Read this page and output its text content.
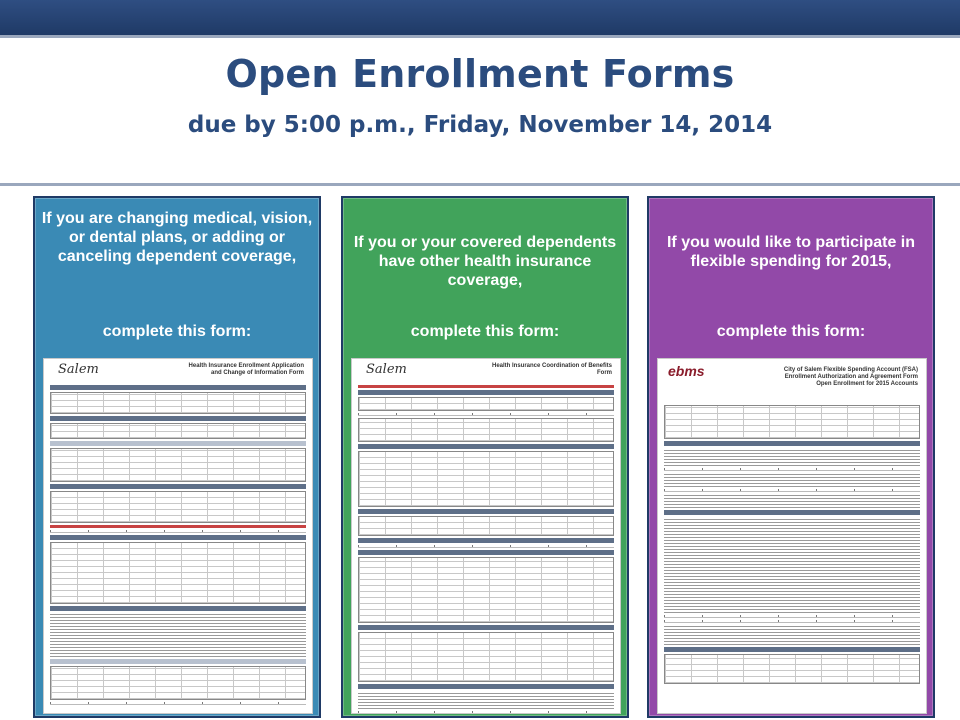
Open Enrollment Forms
due by 5:00 p.m., Friday, November 14, 2014
If you are changing medical, vision, or dental plans, or adding or canceling dependent coverage,
complete this form:
Salem	Health Insurance Enrollment Application and Change of Information Form
If you or your covered dependents have other health insurance coverage,
complete this form:
Salem	Health Insurance Coordination of Benefits Form
If you would like to participate in flexible spending for 2015,
complete this form:
ebms	City of Salem Flexible Spending Account (FSA) Enrollment Authorization and Agreement Form Open Enrollment for 2015 Accounts
